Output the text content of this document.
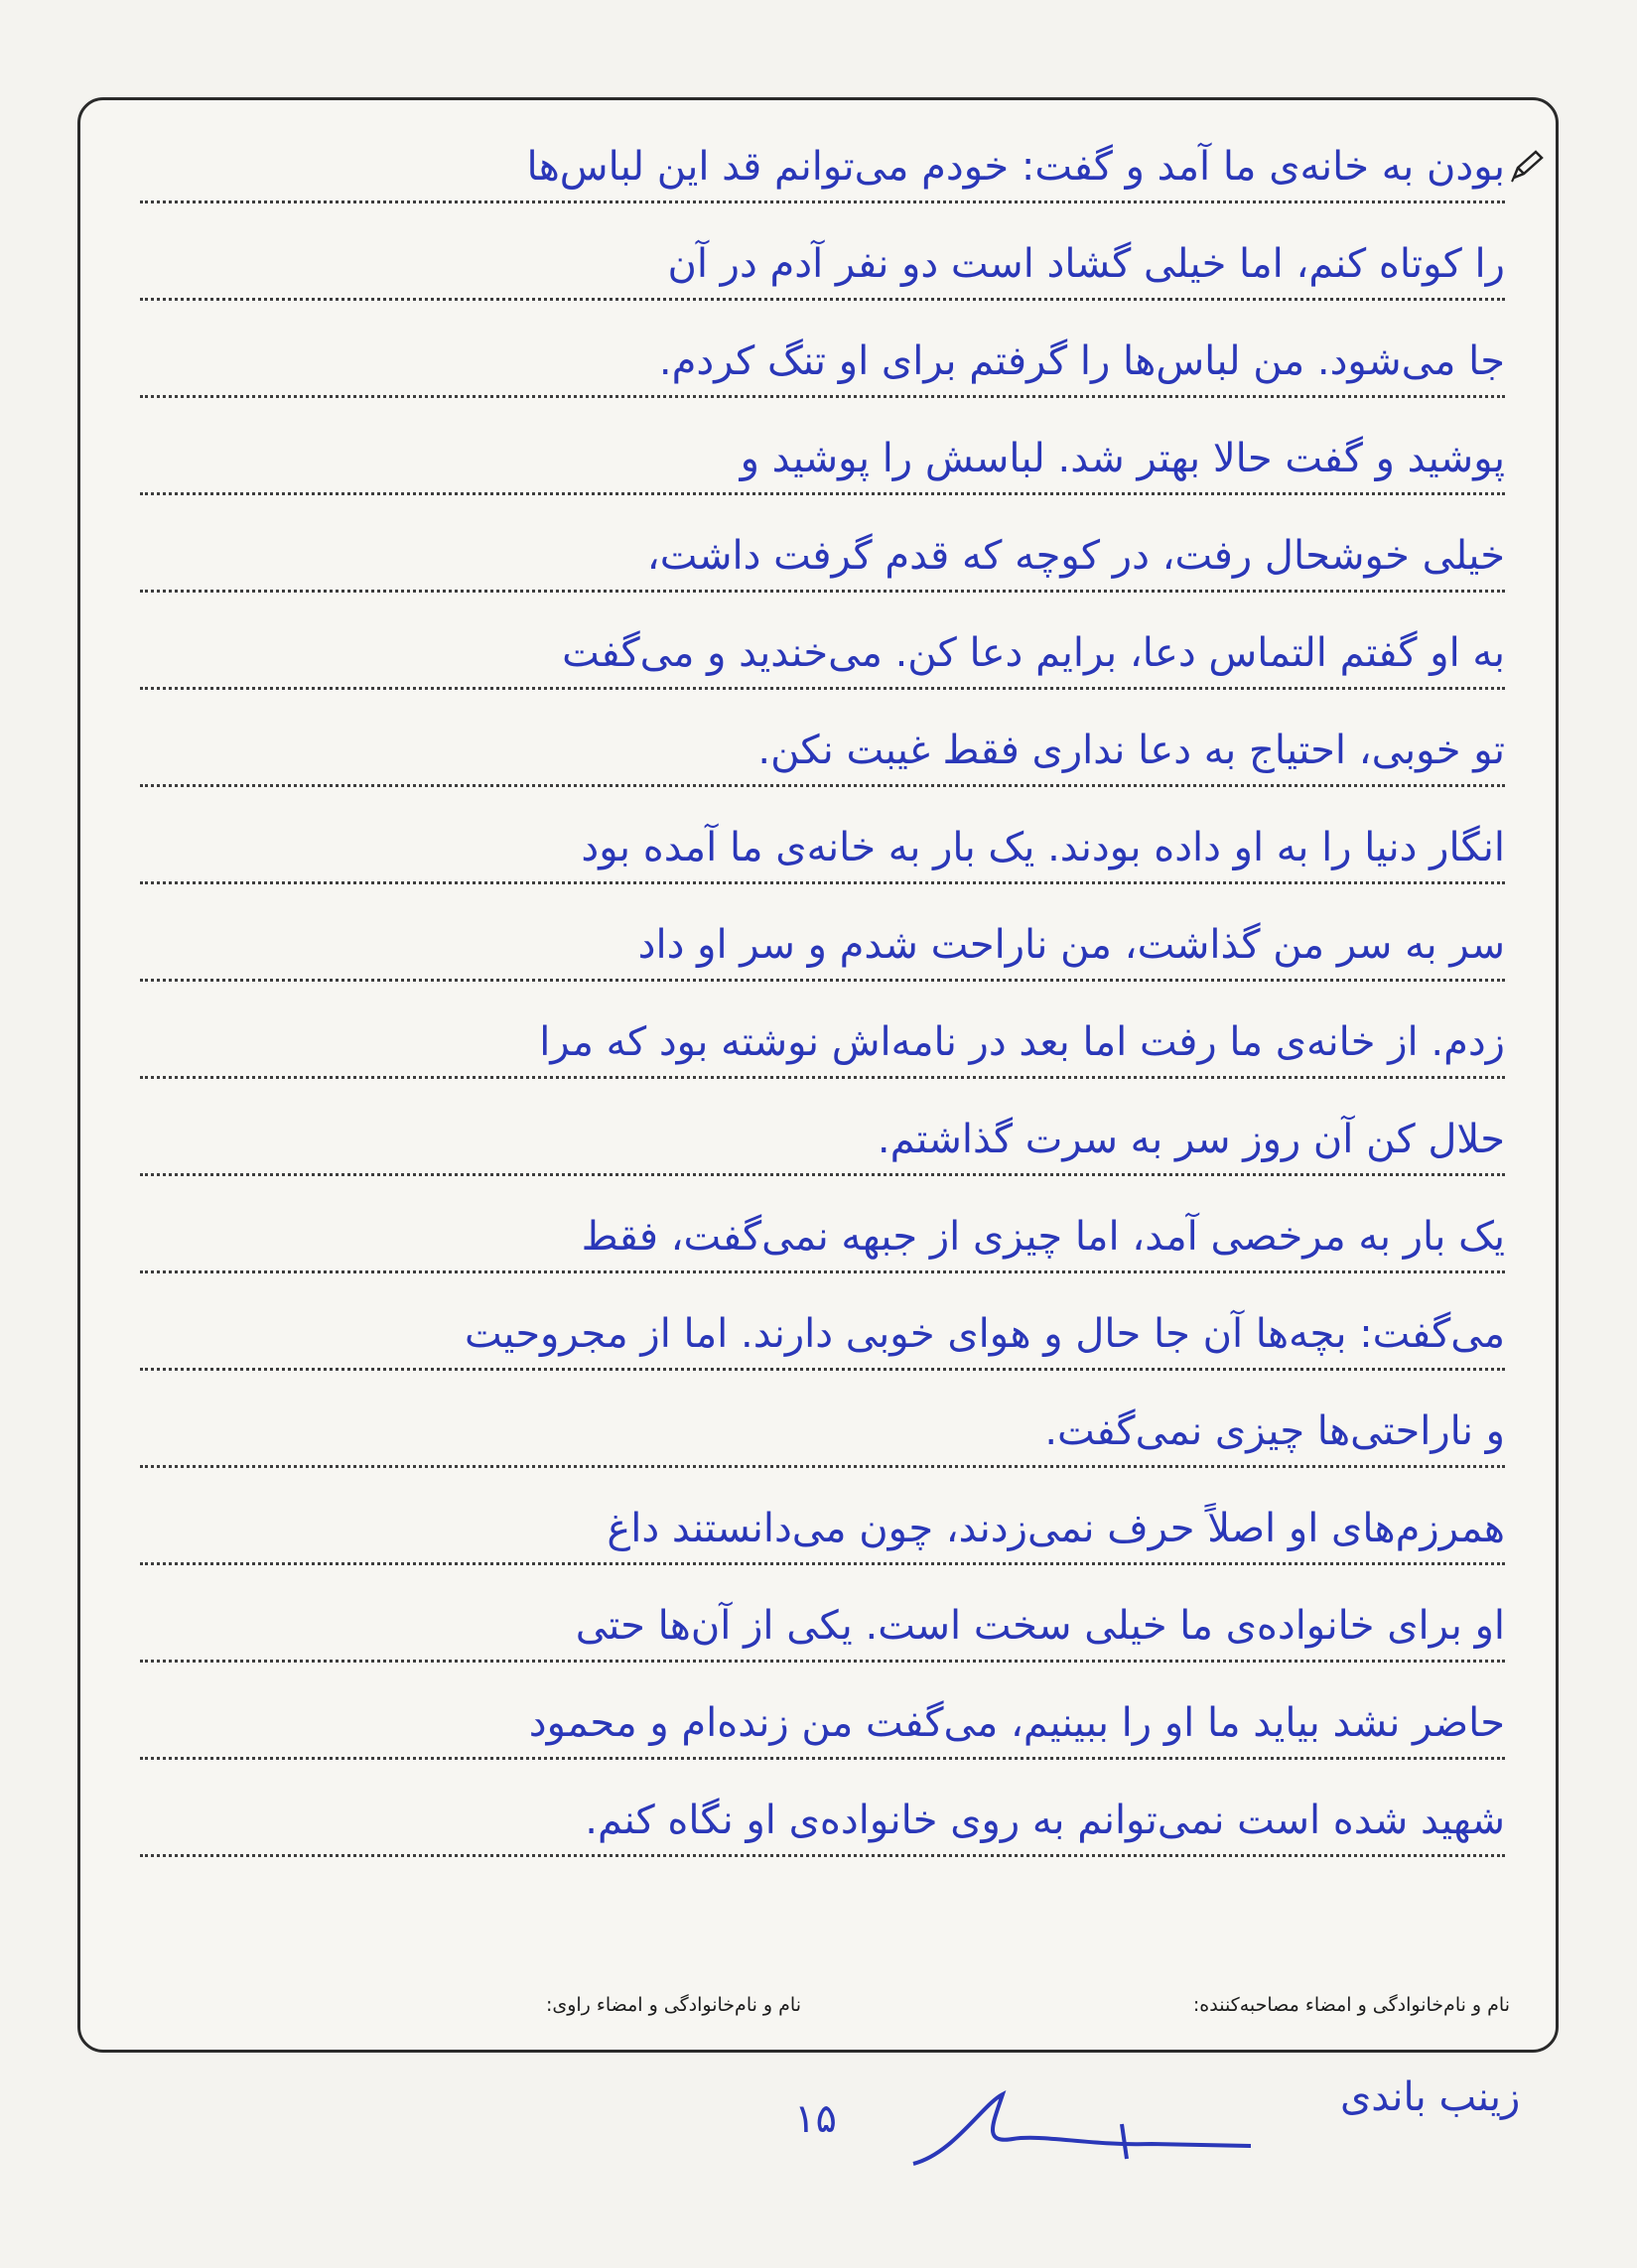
بودن به خانه‌ی ما آمد و گفت: خودم می‌توانم قد این لباس‌ها
را کوتاه کنم، اما خیلی گشاد است دو نفر آدم در آن
جا می‌شود. من لباس‌ها را گرفتم برای او تنگ کردم.
پوشید و گفت حالا بهتر شد. لباسش را پوشید و
خیلی خوشحال رفت، در کوچه که قدم گرفت داشت،
به او گفتم التماس دعا، برایم دعا کن. می‌خندید و می‌گفت
تو خوبی، احتیاج به دعا نداری فقط غیبت نکن.
انگار دنیا را به او داده بودند. یک بار به خانه‌ی ما آمده بود
سر به سر من گذاشت، من ناراحت شدم و سر او داد
زدم. از خانه‌ی ما رفت اما بعد در نامه‌اش نوشته بود که مرا
حلال کن آن روز سر به سرت گذاشتم.
یک بار به مرخصی آمد، اما چیزی از جبهه نمی‌گفت، فقط
می‌گفت: بچه‌ها آن جا حال و هوای خوبی دارند. اما از مجروحیت
و ناراحتی‌ها چیزی نمی‌گفت.
همرزم‌های او اصلاً حرف نمی‌زدند، چون می‌دانستند داغ
او برای خانواده‌ی ما خیلی سخت است. یکی از آن‌ها حتی
حاضر نشد بیاید ما او را ببینیم، می‌گفت من زنده‌ام و محمود
شهید شده است نمی‌توانم به روی خانواده‌ی او نگاه کنم.
نام و نام‌خانوادگی و امضاء مصاحبه‌کننده:
نام و نام‌خانوادگی و امضاء راوی:
زینب باندی
۱۵
